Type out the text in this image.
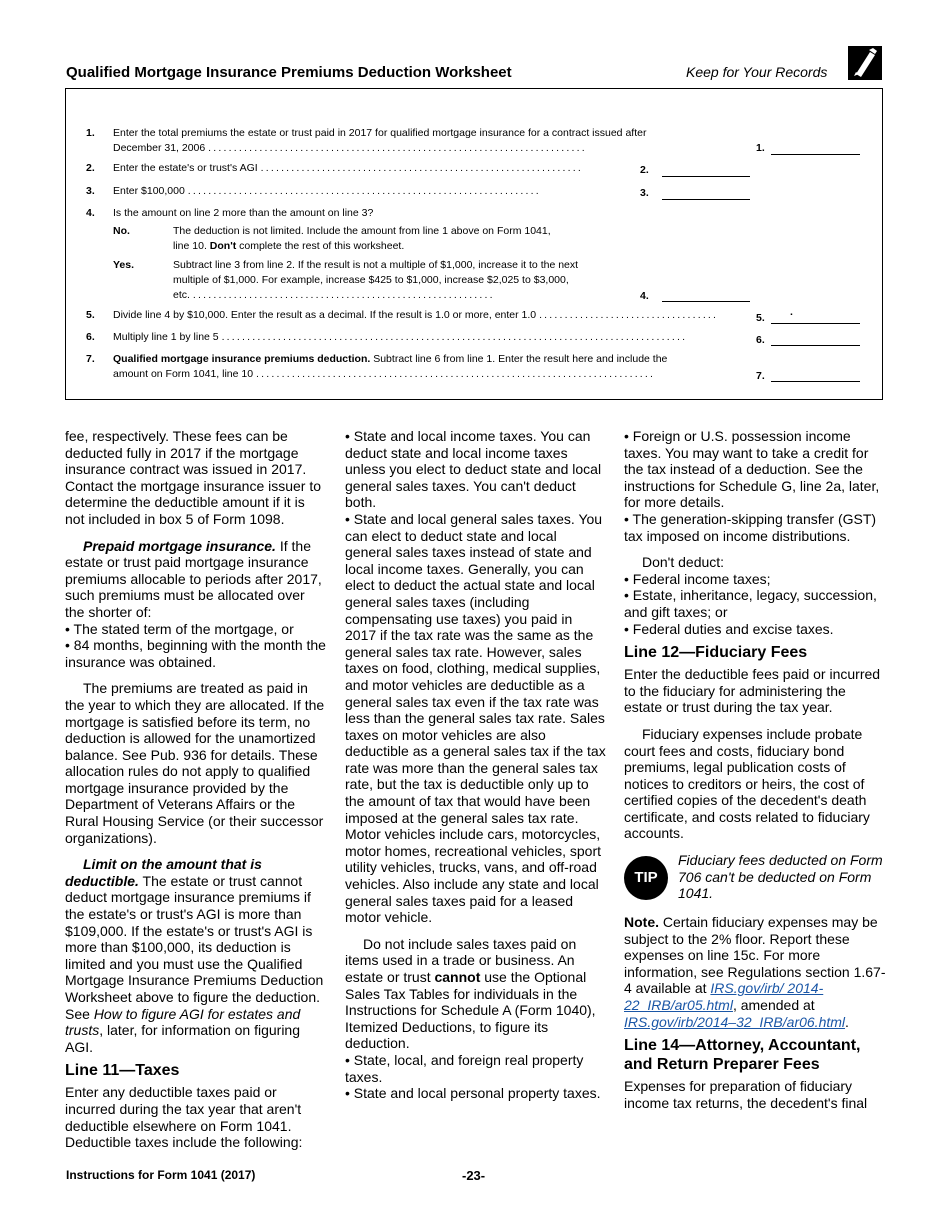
Qualified Mortgage Insurance Premiums Deduction Worksheet	Keep for Your Records
1. Enter the total premiums the estate or trust paid in 2017 for qualified mortgage insurance for a contract issued after
December 31, 2006 ..........................................................................	1.
2. Enter the estate's or trust's AGI ...............................................................	2.
3. Enter $100,000 .....................................................................	3.
4. Is the amount on line 2 more than the amount on line 3?
No.	The deduction is not limited. Include the amount from line 1 above on Form 1041,
line 10. Don't complete the rest of this worksheet.
Yes.	Subtract line 3 from line 2. If the result is not a multiple of $1,000, increase it to the next
multiple of $1,000. For example, increase $425 to $1,000, increase $2,025 to $3,000,
etc. ...........................................................	4.
5. Divide line 4 by $10,000. Enter the result as a decimal. If the result is 1.0 or more, enter 1.0 ...................................	5. .
6. Multiply line 1 by line 5 ...........................................................................................	6.
7. Qualified mortgage insurance premiums deduction. Subtract line 6 from line 1. Enter the result here and include the
amount on Form 1041, line 10 ..............................................................................	7.

fee, respectively. These fees can be deducted fully in 2017 if the mortgage insurance contract was issued in 2017. Contact the mortgage insurance issuer to determine the deductible amount if it is not included in box 5 of Form 1098.

Prepaid mortgage insurance. If the estate or trust paid mortgage insurance premiums allocable to periods after 2017, such premiums must be allocated over the shorter of:

• The stated term of the mortgage, or

• 84 months, beginning with the month the insurance was obtained.

The premiums are treated as paid in the year to which they are allocated. If the mortgage is satisfied before its term, no deduction is allowed for the unamortized balance. See Pub. 936 for details. These allocation rules do not apply to qualified mortgage insurance provided by the Department of Veterans Affairs or the Rural Housing Service (or their successor organizations).

Limit on the amount that is deductible. The estate or trust cannot deduct mortgage insurance premiums if the estate's or trust's AGI is more than $109,000. If the estate's or trust's AGI is more than $100,000, its deduction is limited and you must use the Qualified Mortgage Insurance Premiums Deduction Worksheet above to figure the deduction. See How to figure AGI for estates and trusts, later, for information on figuring AGI.

Line 11—Taxes

Enter any deductible taxes paid or incurred during the tax year that aren't deductible elsewhere on Form 1041. Deductible taxes include the following:

• State and local income taxes. You can deduct state and local income taxes unless you elect to deduct state and local general sales taxes. You can't deduct both.

• State and local general sales taxes. You can elect to deduct state and local general sales taxes instead of state and local income taxes. Generally, you can elect to deduct the actual state and local general sales taxes (including compensating use taxes) you paid in 2017 if the tax rate was the same as the general sales tax rate. However, sales taxes on food, clothing, medical supplies, and motor vehicles are deductible as a general sales tax even if the tax rate was less than the general sales tax rate. Sales taxes on motor vehicles are also deductible as a general sales tax if the tax rate was more than the general sales tax rate, but the tax is deductible only up to the amount of tax that would have been imposed at the general sales tax rate. Motor vehicles include cars, motorcycles, motor homes, recreational vehicles, sport utility vehicles, trucks, vans, and off-road vehicles. Also include any state and local general sales taxes paid for a leased motor vehicle.

Do not include sales taxes paid on items used in a trade or business. An estate or trust cannot use the Optional Sales Tax Tables for individuals in the Instructions for Schedule A (Form 1040), Itemized Deductions, to figure its deduction.

• State, local, and foreign real property taxes.

• State and local personal property taxes.

• Foreign or U.S. possession income taxes. You may want to take a credit for the tax instead of a deduction. See the instructions for Schedule G, line 2a, later, for more details.

• The generation-skipping transfer (GST) tax imposed on income distributions.

Don't deduct:

• Federal income taxes;

• Estate, inheritance, legacy, succession, and gift taxes; or

• Federal duties and excise taxes.

Line 12—Fiduciary Fees

Enter the deductible fees paid or incurred to the fiduciary for administering the estate or trust during the tax year.

Fiduciary expenses include probate court fees and costs, fiduciary bond premiums, legal publication costs of notices to creditors or heirs, the cost of certified copies of the decedent's death certificate, and costs related to fiduciary accounts.

TIP

Fiduciary fees deducted on Form 706 can't be deducted on Form 1041.

Note. Certain fiduciary expenses may be subject to the 2% floor. Report these expenses on line 15c. For more information, see Regulations section 1.67-4 available at IRS.gov/irb/ 2014-22_IRB/ar05.html, amended at IRS.gov/irb/2014–32_IRB/ar06.html.

Line 14—Attorney, Accountant, and Return Preparer Fees

Expenses for preparation of fiduciary income tax returns, the decedent's final

Instructions for Form 1041 (2017)	-23-
